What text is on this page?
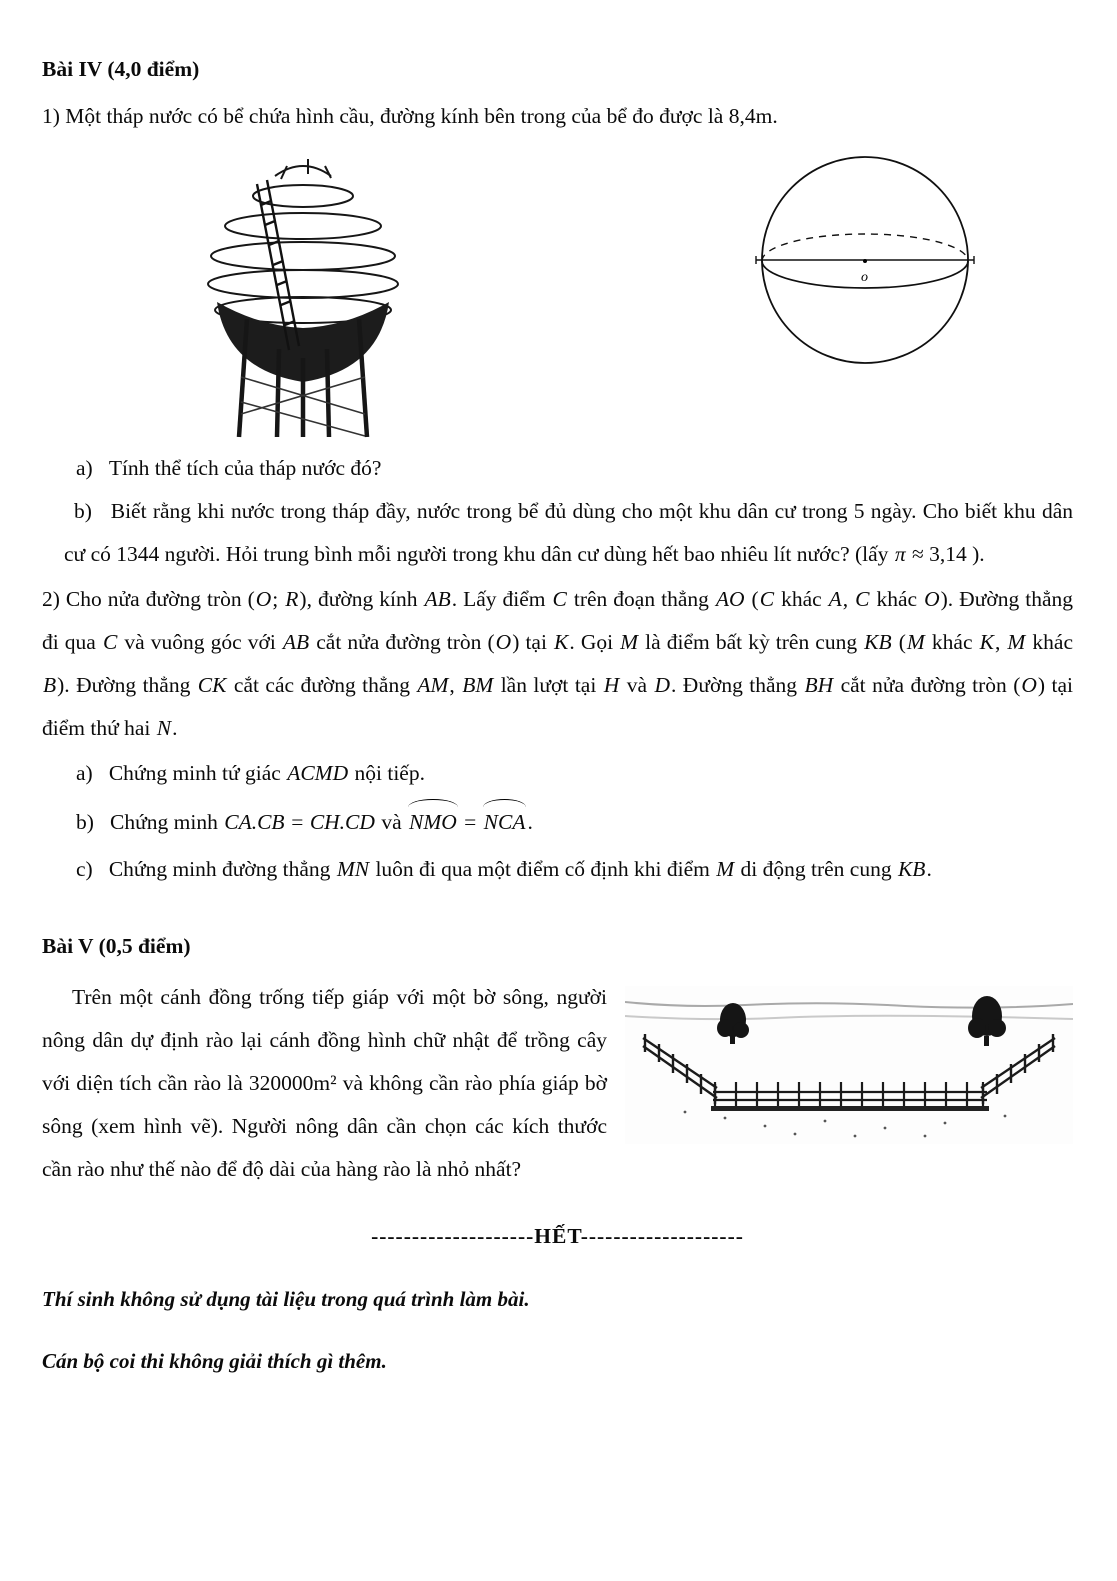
Bài IV (4,0 điểm)

1) Một tháp nước có bể chứa hình cầu, đường kính bên trong của bể đo được là 8,4m.

o

a)   Tính thể tích của tháp nước đó?

b)   Biết rằng khi nước trong tháp đầy, nước trong bể đủ dùng cho một khu dân cư trong 5 ngày. Cho biết khu dân cư có 1344 người. Hỏi trung bình mỗi người trong khu dân cư dùng hết bao nhiêu lít nước? (lấy π ≈ 3,14 ).

2) Cho nửa đường tròn (O; R), đường kính AB. Lấy điểm C trên đoạn thẳng AO (C khác A, C khác O). Đường thẳng đi qua C và vuông góc với AB cắt nửa đường tròn (O) tại K. Gọi M là điểm bất kỳ trên cung KB (M khác K, M khác B). Đường thẳng CK cắt các đường thẳng AM, BM lần lượt tại H và D. Đường thẳng BH cắt nửa đường tròn (O) tại điểm thứ hai N.

a)   Chứng minh tứ giác ACMD nội tiếp.

b)   Chứng minh CA.CB = CH.CD và NMO = NCA.

c)   Chứng minh đường thẳng MN luôn đi qua một điểm cố định khi điểm M di động trên cung KB.

Bài V (0,5 điểm)

Trên một cánh đồng trống tiếp giáp với một bờ sông, người nông dân dự định rào lại cánh đồng hình chữ nhật để trồng cây với diện tích cần rào là 320000m² và không cần rào phía giáp bờ sông (xem hình vẽ). Người nông dân cần chọn các kích thước cần rào như thế nào để độ dài của hàng rào là nhỏ nhất?

--------------------HẾT--------------------

Thí sinh không sử dụng tài liệu trong quá trình làm bài.

Cán bộ coi thi không giải thích gì thêm.
